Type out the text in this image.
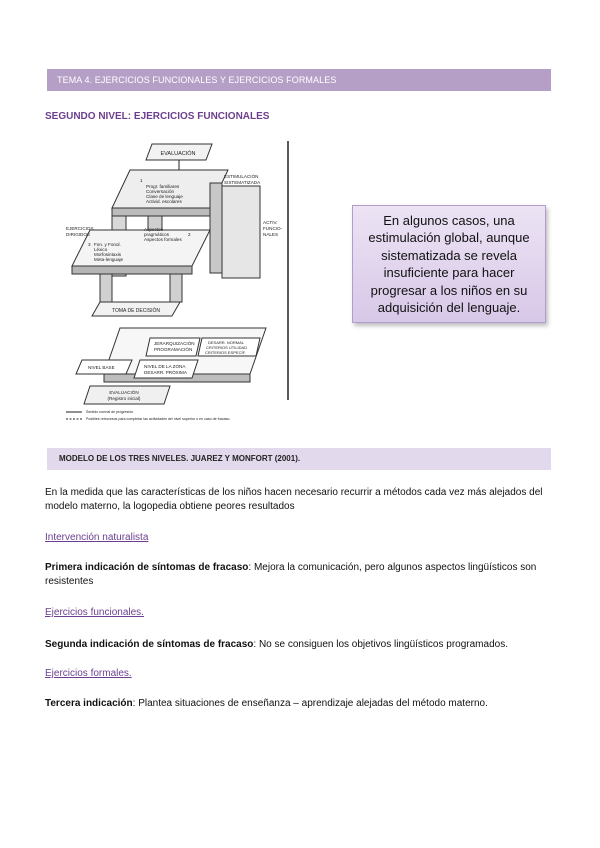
TEMA 4. EJERCICIOS FUNCIONALES Y EJERCICIOS FORMALES
SEGUNDO NIVEL: EJERCICIOS FUNCIONALES
EVALUACIÓN
TOMA DE DECISIÓN
ESTIMULACIÓN
SISTEMATIZADA
1
Progr. familiares
Conversación
Clase de lenguaje
Activid. escolares
2
Aspectos
pragmáticos
Aspectos formales
EJERCICIOS
DIRIGIDOS
3 Fon. y Fonol.
Léxico
Morfosintaxis
Meta-lenguaje
ACTIV.
FUNCIO-
NALES
JERARQUIZACIÓN
PROGRAMACIÓN
DESARR. NORMAL
CRITERIOS UTILIDAD
CRITERIOS ESPECÍF.
NIVEL BASE	NIVEL DE LA ZONA
DESARR. PRÓXIMA
EVALUACIÓN
(Registro inicial)
Sentido normal de progresión.
Posibles retrocesos para completar las actividades del nivel superior o en caso de fracaso.
En algunos casos, una estimulación global, aunque sistematizada se revela insuficiente para hacer progresar a los niños en su adquisición del lenguaje.
MODELO DE LOS TRES NIVELES. JUAREZ Y MONFORT (2001).
En la medida que las características de los niños hacen necesario recurrir a métodos cada vez más alejados del modelo materno, la logopedia obtiene peores resultados
Intervención naturalista
Primera indicación de síntomas de fracaso: Mejora la comunicación, pero algunos aspectos lingüísticos son resistentes
Ejercicios funcionales.
Segunda indicación de síntomas de fracaso: No se consiguen los objetivos lingüísticos programados.
Ejercicios formales.
Tercera indicación: Plantea situaciones de enseñanza – aprendizaje alejadas del método materno.
